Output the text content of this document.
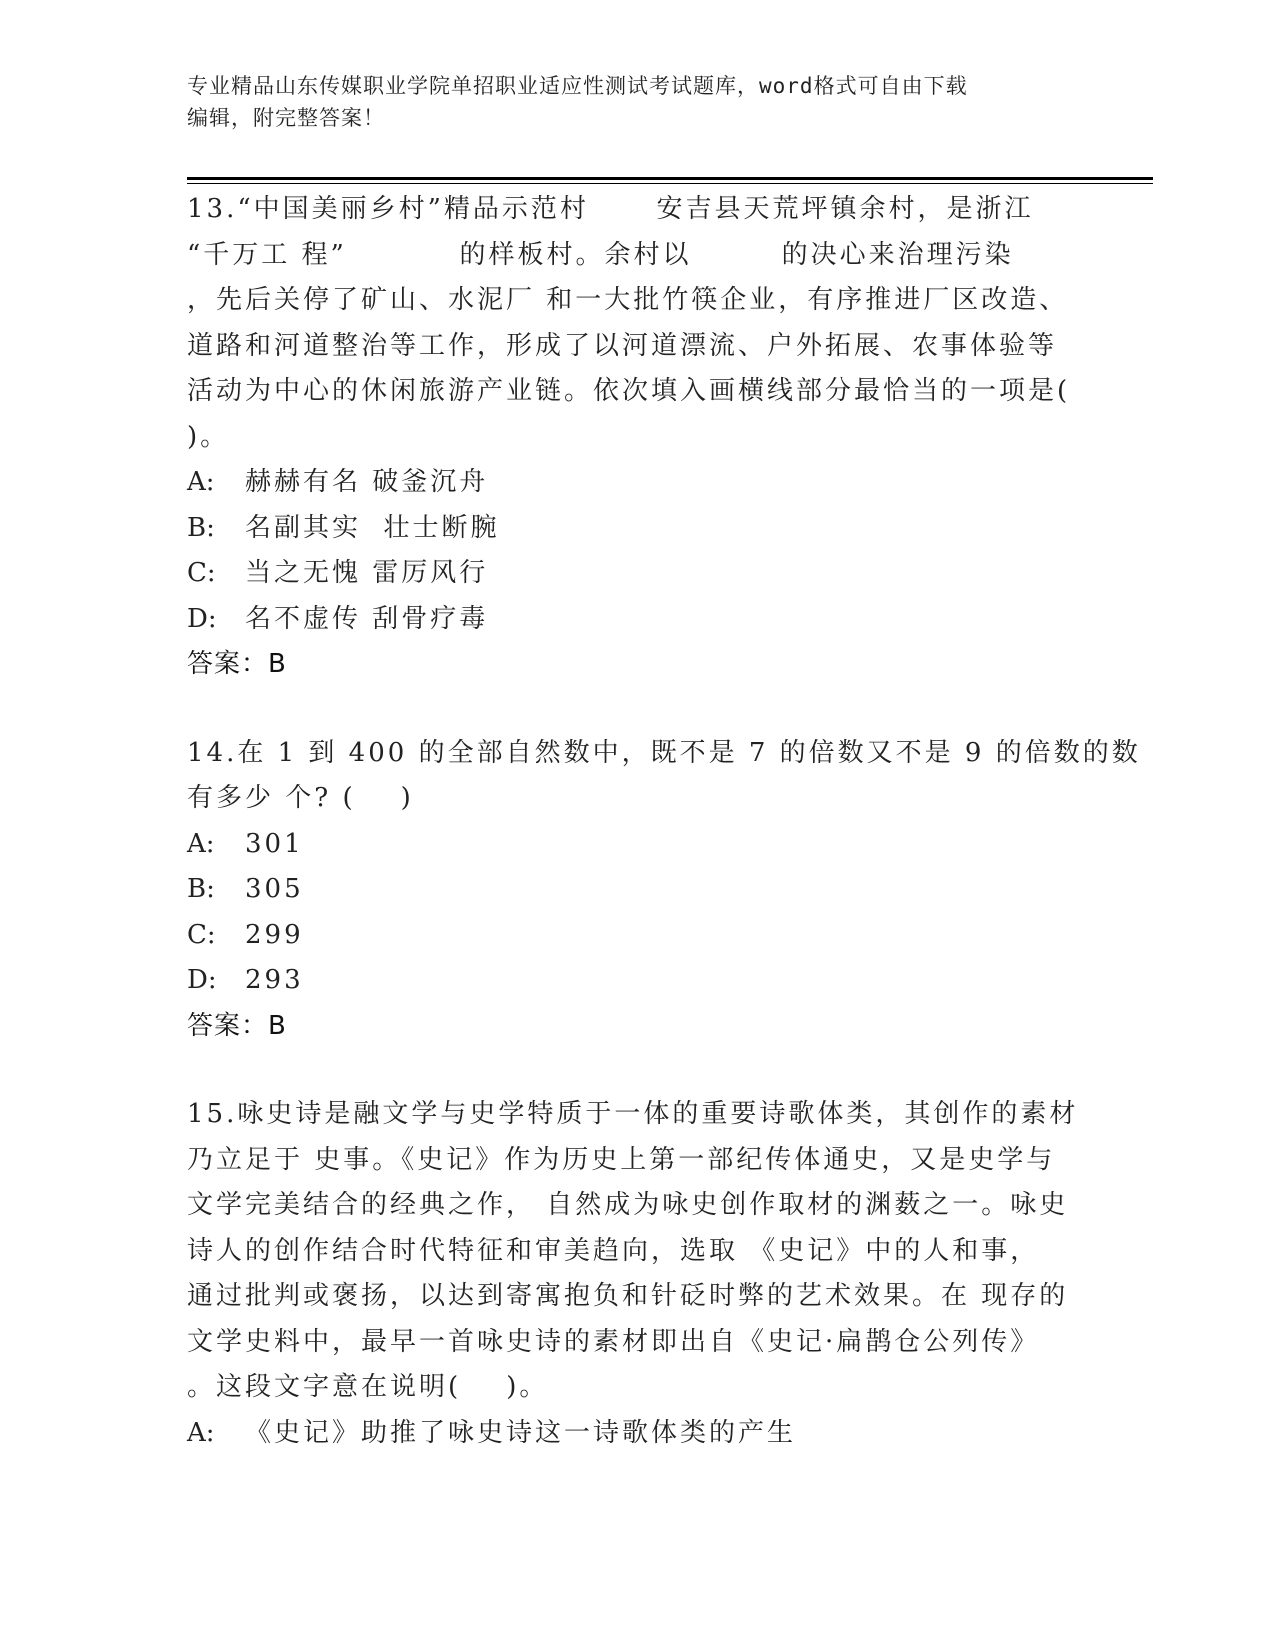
专业精品山东传媒职业学院单招职业适应性测试考试题库，word格式可自由下载
编辑，附完整答案！
13.“中国美丽乡村”精品示范村      安吉县天荒坪镇余村，是浙江
“千万工 程”          的样板村。余村以        的决心来治理污染
，先后关停了矿山、水泥厂 和一大批竹筷企业，有序推进厂区改造、
道路和河道整治等工作，形成了以河道漂流、户外拓展、农事体验等
活动为中心的休闲旅游产业链。依次填入画横线部分最恰当的一项是(
)。
A: 赫赫有名 破釜沉舟
B: 名副其实  壮士断腕
C: 当之无愧 雷厉风行
D: 名不虚传 刮骨疗毒
答案：B
14.在 1 到 400 的全部自然数中，既不是 7 的倍数又不是 9 的倍数的数
有多少 个? (    )
A: 301
B: 305
C: 299
D: 293
答案：B
15.咏史诗是融文学与史学特质于一体的重要诗歌体类，其创作的素材
乃立足于 史事。《史记》作为历史上第一部纪传体通史，又是史学与
文学完美结合的经典之作， 自然成为咏史创作取材的渊薮之一。咏史
诗人的创作结合时代特征和审美趋向，选取 《史记》中的人和事，
通过批判或褒扬，以达到寄寓抱负和针砭时弊的艺术效果。在 现存的
文学史料中，最早一首咏史诗的素材即出自《史记·扁鹊仓公列传》
。这段文字意在说明(    )。
A: 《史记》助推了咏史诗这一诗歌体类的产生
